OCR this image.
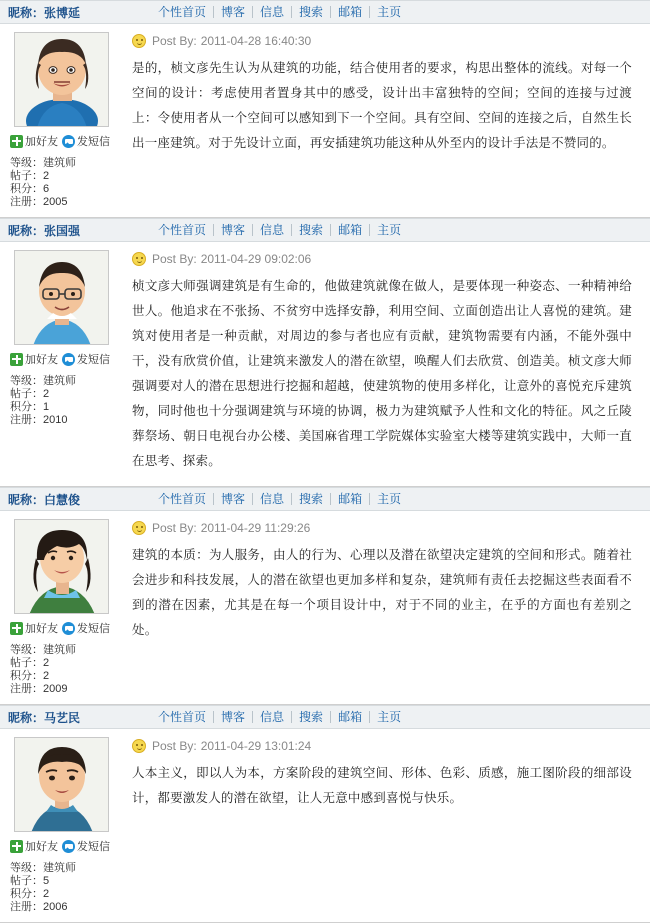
昵称：张博延	个性首页	博客	信息	搜索	邮箱	主页
加好友 发短信
等级：建筑师
帖子：2
积分：6
注册：2005
Post By: 2011-04-28 16:40:30
是的，桢文彦先生认为从建筑的功能，结合使用者的要求，构思出整体的流线。对每一个空间的设计：考虑使用者置身其中的感受，设计出丰富独特的空间；空间的连接与过渡上：令使用者从一个空间可以感知到下一个空间。具有空间、空间的连接之后，自然生长出一座建筑。对于先设计立面，再安插建筑功能这种从外至内的设计手法是不赞同的。
昵称：张国强	个性首页	博客	信息	搜索	邮箱	主页
加好友 发短信
等级：建筑师
帖子：2
积分：1
注册：2010
Post By: 2011-04-29 09:02:06
桢文彦大师强调建筑是有生命的，他做建筑就像在做人，是要体现一种姿态、一种精神给世人。他追求在不张扬、不贫穷中选择安静，利用空间、立面创造出让人喜悦的建筑。建筑对使用者是一种贡献，对周边的参与者也应有贡献，建筑物需要有内涵，不能外强中干，没有欣赏价值，让建筑来激发人的潜在欲望，唤醒人们去欣赏、创造美。桢文彦大师强调要对人的潜在思想进行挖掘和超越，使建筑物的使用多样化，让意外的喜悦充斥建筑物，同时他也十分强调建筑与环境的协调，极力为建筑赋予人性和文化的特征。风之丘陵葬祭场、朝日电视台办公楼、美国麻省理工学院媒体实验室大楼等建筑实践中，大师一直在思考、探索。
昵称：白慧俊	个性首页	博客	信息	搜索	邮箱	主页
加好友 发短信
等级：建筑师
帖子：2
积分：2
注册：2009
Post By: 2011-04-29 11:29:26
建筑的本质：为人服务，由人的行为、心理以及潜在欲望决定建筑的空间和形式。随着社会进步和科技发展，人的潜在欲望也更加多样和复杂，建筑师有责任去挖掘这些表面看不到的潜在因素，尤其是在每一个项目设计中，对于不同的业主，在乎的方面也有差别之处。
昵称：马艺民	个性首页	博客	信息	搜索	邮箱	主页
加好友 发短信
等级：建筑师
帖子：5
积分：2
注册：2006
Post By: 2011-04-29 13:01:24
人本主义，即以人为本，方案阶段的建筑空间、形体、色彩、质感，施工图阶段的细部设计，都要激发人的潜在欲望，让人无意中感到喜悦与快乐。
